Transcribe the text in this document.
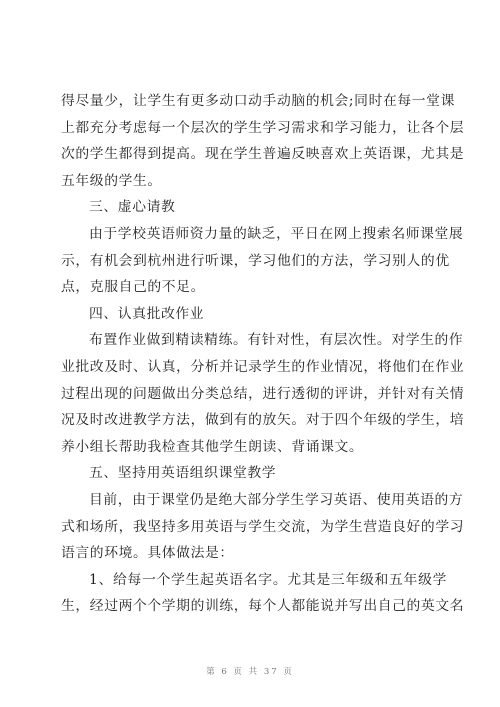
得尽量少，让学生有更多动口动手动脑的机会;同时在每一堂课
上都充分考虑每一个层次的学生学习需求和学习能力，让各个层
次的学生都得到提高。现在学生普遍反映喜欢上英语课，尤其是
五年级的学生。
三、虚心请教
由于学校英语师资力量的缺乏，平日在网上搜索名师课堂展
示，有机会到杭州进行听课，学习他们的方法，学习别人的优
点，克服自己的不足。
四、认真批改作业
布置作业做到精读精练。有针对性，有层次性。对学生的作
业批改及时、认真，分析并记录学生的作业情况，将他们在作业
过程出现的问题做出分类总结，进行透彻的评讲，并针对有关情
况及时改进教学方法，做到有的放矢。对于四个年级的学生，培
养小组长帮助我检查其他学生朗读、背诵课文。
五、坚持用英语组织课堂教学
目前，由于课堂仍是绝大部分学生学习英语、使用英语的方
式和场所，我坚持多用英语与学生交流，为学生营造良好的学习
语言的环境。具体做法是：
1、给每一个学生起英语名字。尤其是三年级和五年级学
生，经过两个个学期的训练，每个人都能说并写出自己的英文名
第 6 页 共 37 页
